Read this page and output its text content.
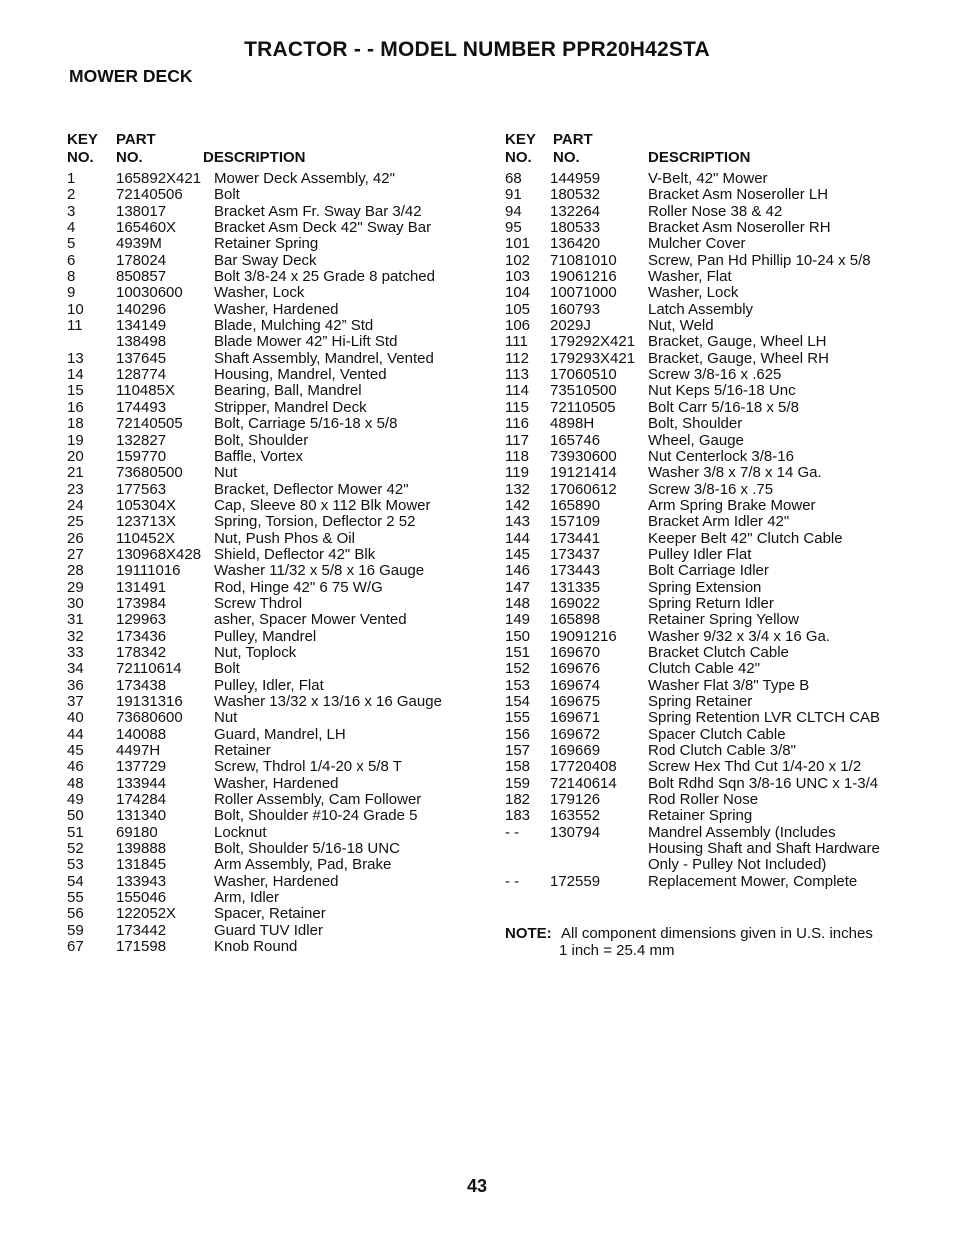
TRACTOR - - MODEL NUMBER PPR20H42STA
MOWER DECK
KEY
NO.
PART
NO.	DESCRIPTION
1	165892X421 Mower Deck Assembly, 42"
2	72140506 Bolt
3	138017	Bracket Asm Fr. Sway Bar 3/42
4	165460X	Bracket Asm Deck 42" Sway Bar
5	4939M	Retainer Spring
6	178024	Bar Sway Deck
8	850857	Bolt 3/8-24 x 25 Grade 8 patched
9	10030600 Washer, Lock
10 140296	Washer, Hardened
11 134149	Blade, Mulching 42” Std
138498	Blade Mower 42” Hi-Lift Std
13 137645	Shaft Assembly, Mandrel, Vented
14 128774	Housing, Mandrel, Vented
15 110485X	Bearing, Ball, Mandrel
16 174493	Stripper, Mandrel Deck
18 72140505 Bolt, Carriage 5/16-18 x 5/8
19 132827	Bolt, Shoulder
20 159770	Baffle, Vortex
21 73680500 Nut
23 177563	Bracket, Deflector Mower 42"
24 105304X	Cap, Sleeve 80 x 112 Blk Mower
25 123713X	Spring, Torsion, Deflector 2 52
26 110452X	Nut, Push Phos & Oil
27 130968X428 Shield, Deflector 42" Blk
28 19111016 Washer 11/32 x 5/8 x 16 Gauge
29 131491	Rod, Hinge 42" 6 75 W/G
30 173984	Screw Thdrol
31 129963	asher, Spacer Mower Vented
32 173436	Pulley, Mandrel
33 178342	Nut, Toplock
34 72110614 Bolt
36 173438	Pulley, Idler, Flat
37 19131316 Washer 13/32 x 13/16 x 16 Gauge
40 73680600 Nut
44 140088	Guard, Mandrel, LH
45 4497H	Retainer
46 137729	Screw, Thdrol 1/4-20 x 5/8 T
48 133944	Washer, Hardened
49 174284	Roller Assembly, Cam Follower
50 131340	Bolt, Shoulder #10-24 Grade 5
51 69180	Locknut
52 139888	Bolt, Shoulder 5/16-18 UNC
53 131845	Arm Assembly, Pad, Brake
54 133943	Washer, Hardened
55 155046	Arm, Idler
56 122052X	Spacer, Retainer
59 173442	Guard TUV Idler
67 171598	Knob Round
KEY
NO.
PART
NO.	DESCRIPTION
68 144959	V-Belt, 42" Mower
91 180532	Bracket Asm Noseroller LH
94 132264	Roller Nose 38 & 42
95 180533	Bracket Asm Noseroller RH
101 136420	Mulcher Cover
102 71081010 Screw, Pan Hd Phillip 10-24 x 5/8
103 19061216 Washer, Flat
104 10071000 Washer, Lock
105 160793	Latch Assembly
106 2029J	Nut, Weld
111 179292X421 Bracket, Gauge, Wheel LH
112 179293X421 Bracket, Gauge, Wheel RH
113 17060510 Screw 3/8-16 x .625
114 73510500 Nut Keps 5/16-18 Unc
115 72110505 Bolt Carr 5/16-18 x 5/8
116 4898H	Bolt, Shoulder
117 165746	Wheel, Gauge
118 73930600 Nut Centerlock 3/8-16
119 19121414 Washer 3/8 x 7/8 x 14 Ga.
132 17060612 Screw 3/8-16 x .75
142 165890	Arm Spring Brake Mower
143 157109	Bracket Arm Idler 42"
144 173441	Keeper Belt 42" Clutch Cable
145 173437	Pulley Idler Flat
146 173443	Bolt Carriage Idler
147 131335	Spring Extension
148 169022	Spring Return Idler
149 165898	Retainer Spring Yellow
150 19091216 Washer 9/32 x 3/4 x 16 Ga.
151 169670	Bracket Clutch Cable
152 169676	Clutch Cable 42"
153 169674	Washer Flat 3/8" Type B
154 169675	Spring Retainer
155 169671	Spring Retention LVR CLTCH CAB
156 169672	Spacer Clutch Cable
157 169669	Rod Clutch Cable 3/8"
158 17720408 Screw Hex Thd Cut 1/4-20 x 1/2
159 72140614 Bolt Rdhd Sqn 3/8-16 UNC x 1-3/4
182 179126	Rod Roller Nose
183 163552	Retainer Spring
- - 130794	Mandrel Assembly (Includes
Housing Shaft and Shaft Hardware
Only - Pulley Not Included)
- - 172559	Replacement Mower, Complete
NOTE: All component dimensions given in U.S. inches
1 inch = 25.4 mm
43
